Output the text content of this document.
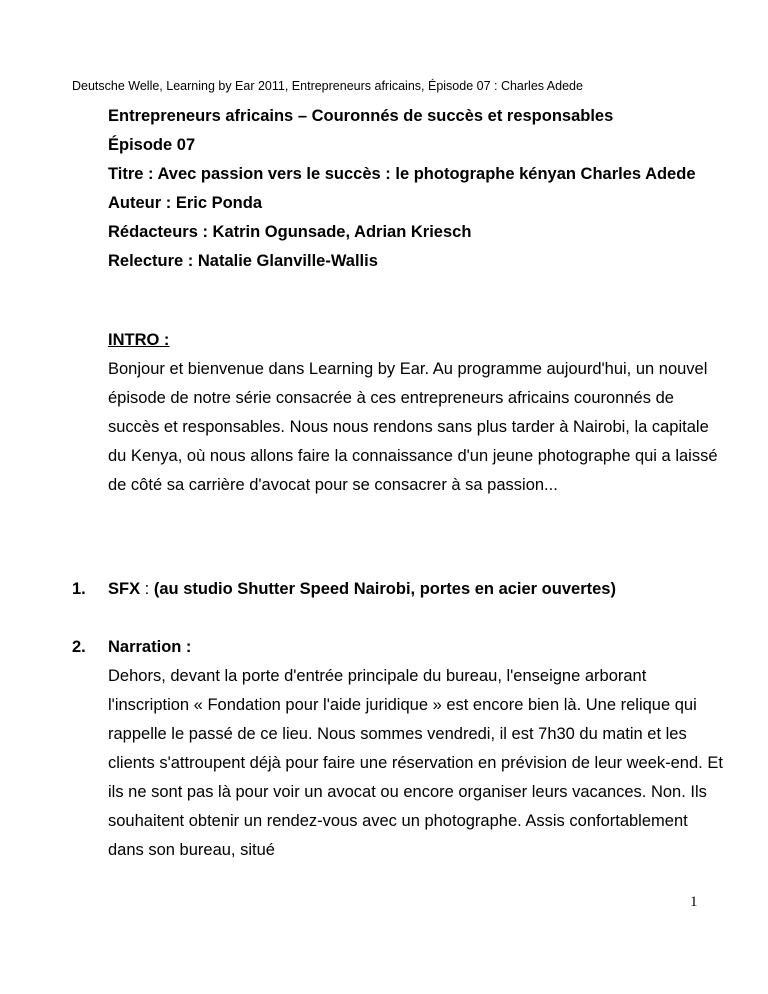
Deutsche Welle, Learning by Ear 2011, Entrepreneurs africains, Épisode 07 : Charles Adede
Entrepreneurs africains – Couronnés de succès et responsables
Épisode 07
Titre : Avec passion vers le succès : le photographe kényan Charles Adede
Auteur : Eric Ponda
Rédacteurs : Katrin Ogunsade, Adrian Kriesch
Relecture : Natalie Glanville-Wallis
INTRO :
Bonjour et bienvenue dans Learning by Ear. Au programme aujourd'hui, un nouvel épisode de notre série consacrée à ces entrepreneurs africains couronnés de succès et responsables. Nous nous rendons sans plus tarder à Nairobi, la capitale du Kenya, où nous allons faire la connaissance d'un jeune photographe qui a laissé de côté sa carrière d'avocat pour se consacrer à sa passion...
1.	SFX : (au studio Shutter Speed Nairobi, portes en acier ouvertes)
2.	Narration :
Dehors, devant la porte d'entrée principale du bureau, l'enseigne arborant l'inscription « Fondation pour l'aide juridique » est encore bien là. Une relique qui rappelle le passé de ce lieu. Nous sommes vendredi, il est 7h30 du matin et les clients s'attroupent déjà pour faire une réservation en prévision de leur week-end. Et ils ne sont pas là pour voir un avocat ou encore organiser leurs vacances. Non. Ils souhaitent obtenir un rendez-vous avec un photographe. Assis confortablement dans son bureau, situé
1
